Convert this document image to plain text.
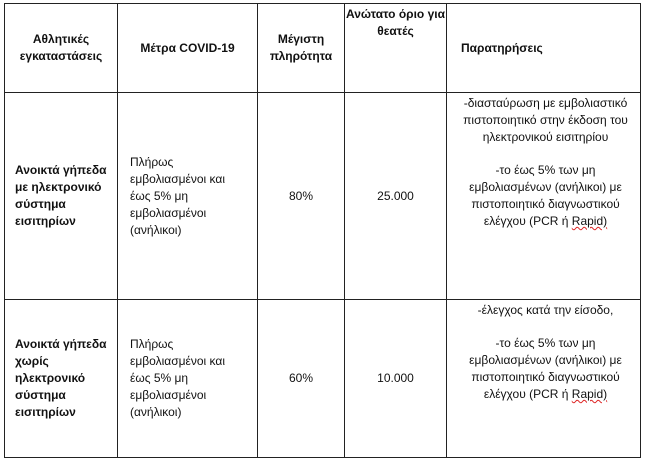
Αθλητικές εγκαταστάσεις	Μέτρα COVID-19	Μέγιστη πληρότητα	Ανώτατο όριο για θεατές	Παρατηρήσεις
Ανοικτά γήπεδα με ηλεκτρονικό σύστημα εισιτηρίων	Πλήρως εμβολιασμένοι και έως 5% μη εμβολιασμένοι (ανήλικοι)	80%	25.000	-διασταύρωση με εμβολιαστικό πιστοποιητικό στην έκδοση του ηλεκτρονικού εισιτηρίου
-το έως 5% των μη εμβολιασμένων (ανήλικοι) με πιστοποιητικό διαγνωστικού ελέγχου (PCR ή Rapid)

Ανοικτά γήπεδα χωρίς ηλεκτρονικό σύστημα εισιτηρίων	Πλήρως εμβολιασμένοι και έως 5% μη εμβολιασμένοι (ανήλικοι)	60%	10.000	-έλεγχος κατά την είσοδο,
-το έως 5% των μη εμβολιασμένων (ανήλικοι) με πιστοποιητικό διαγνωστικού ελέγχου (PCR ή Rapid)
